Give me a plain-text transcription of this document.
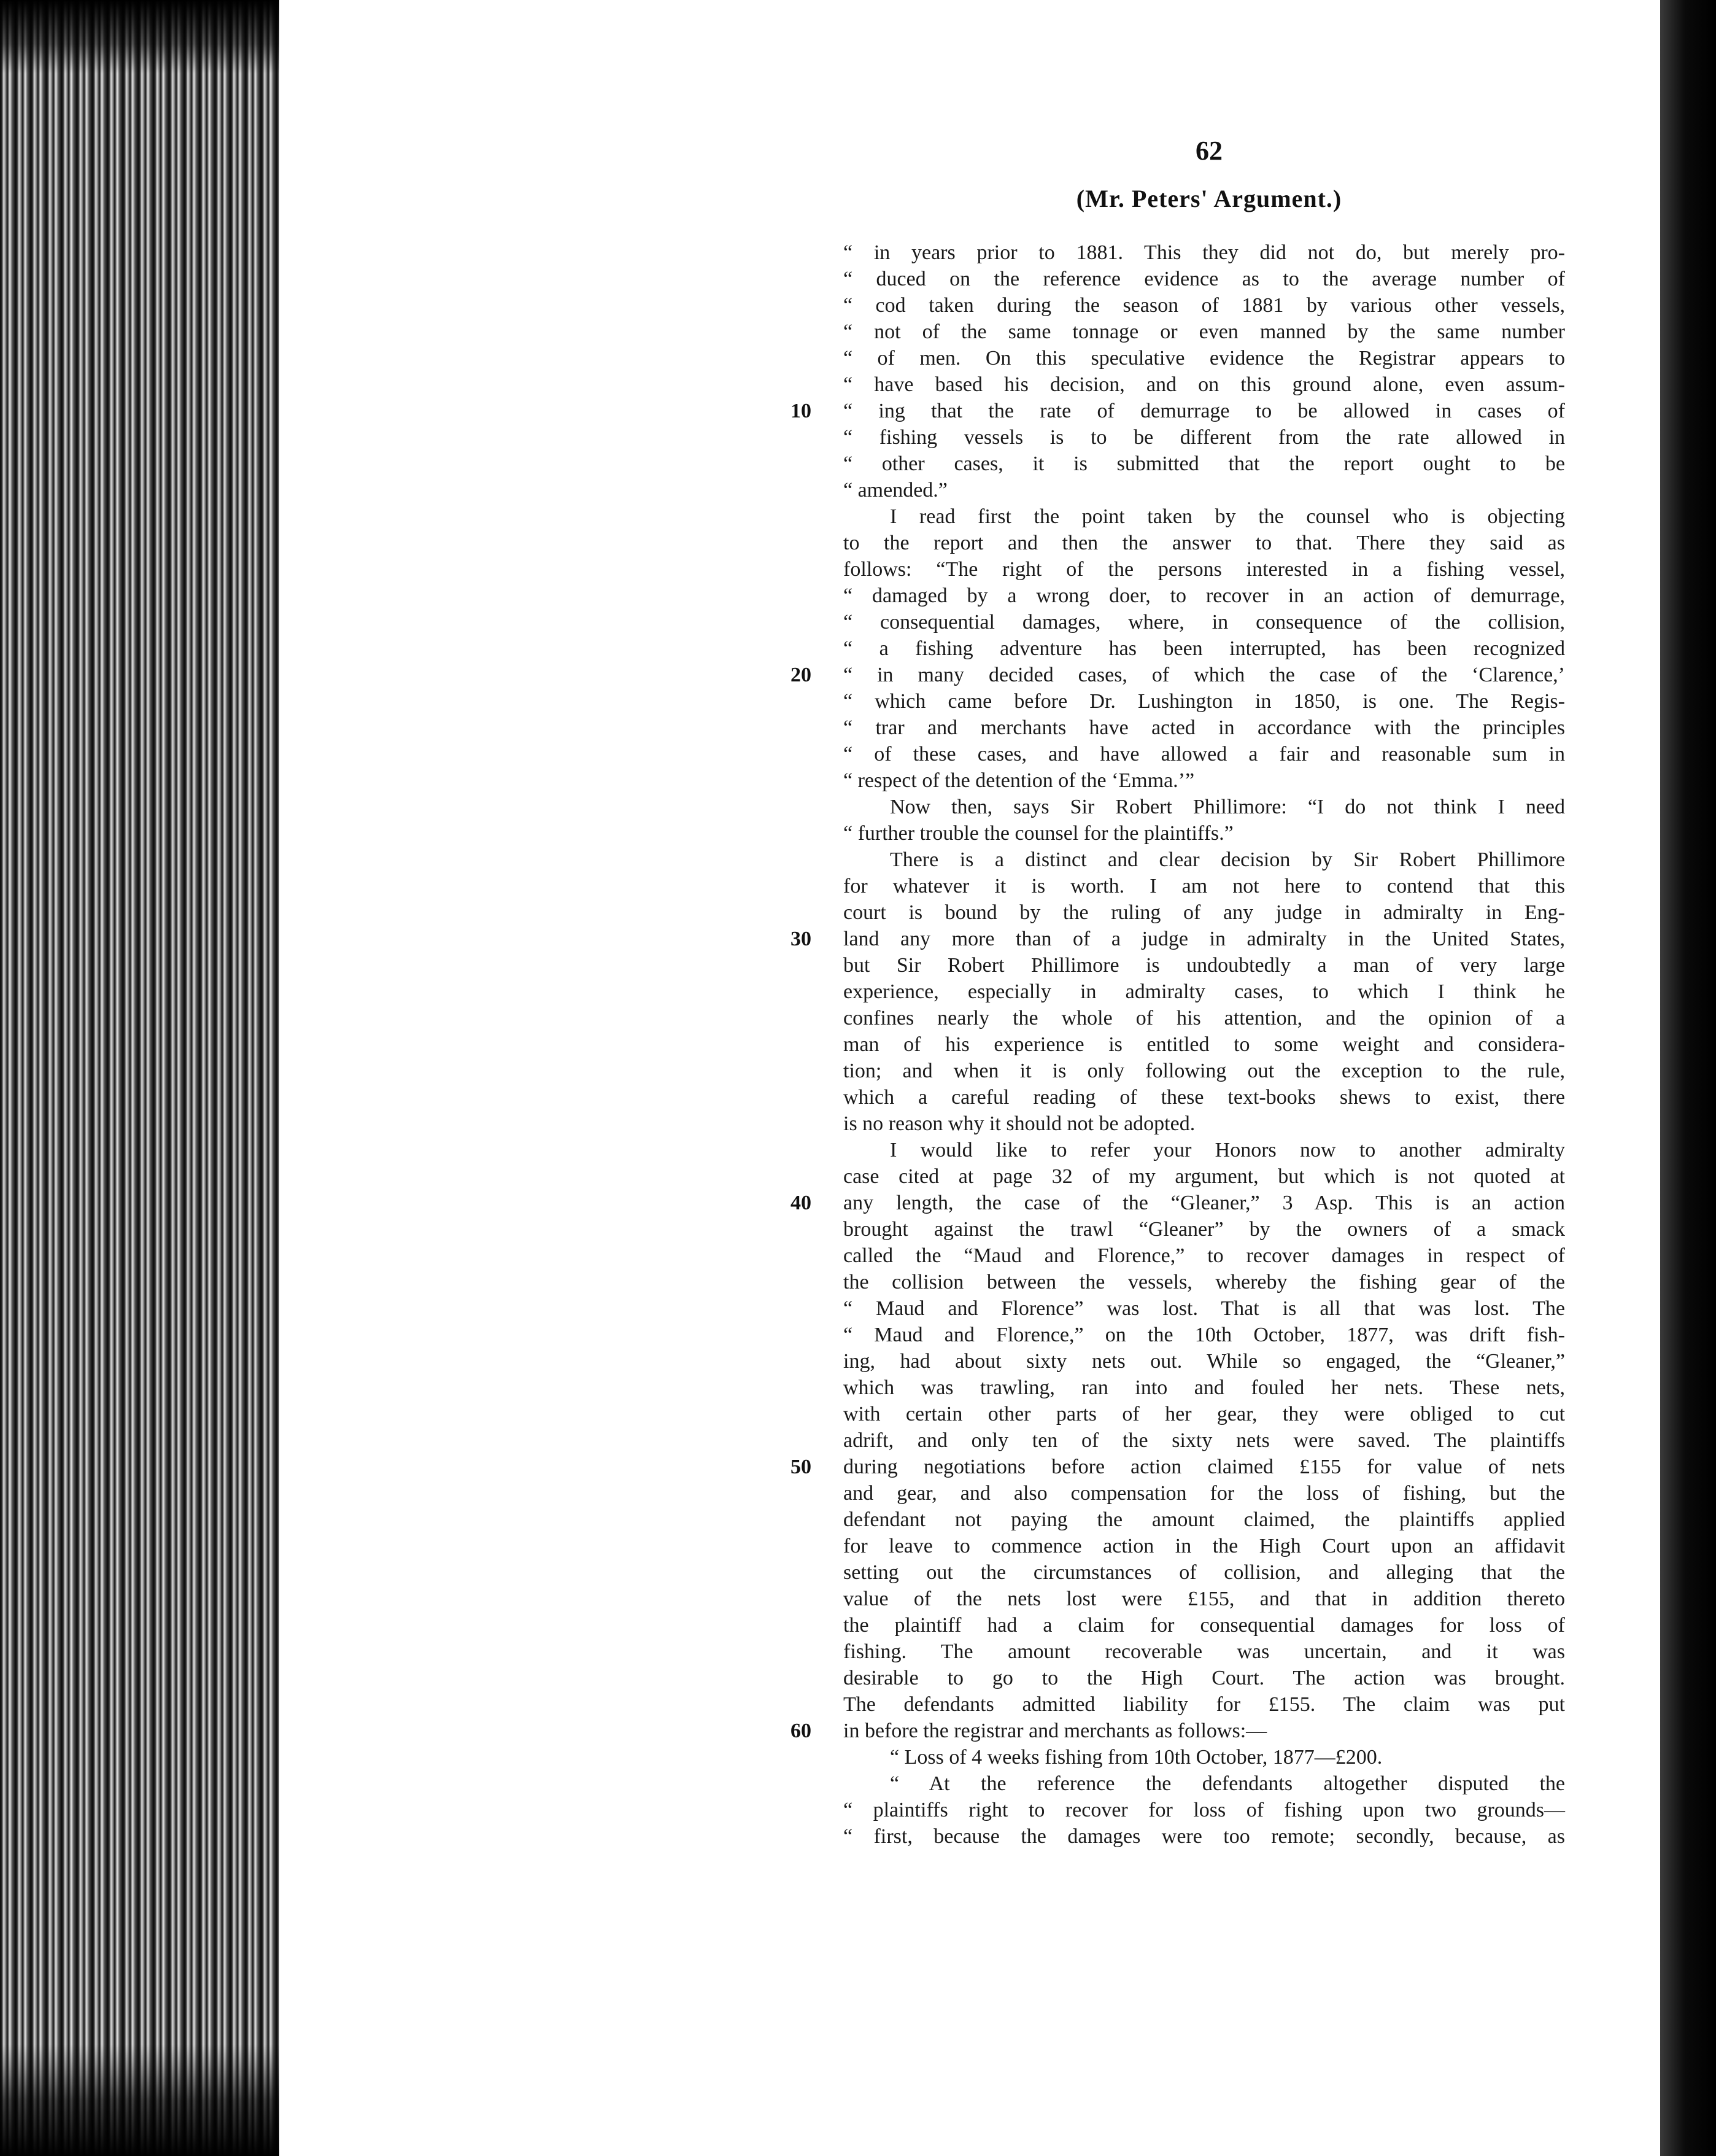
62
(Mr. Peters' Argument.)
“ in years prior to 1881. This they did not do, but merely pro-
“ duced on the reference evidence as to the average number of
“ cod taken during the season of 1881 by various other vessels,
“ not of the same tonnage or even manned by the same number
“ of men. On this speculative evidence the Registrar appears to
“ have based his decision, and on this ground alone, even assum-
10	“ ing that the rate of demurrage to be allowed in cases of
“ fishing vessels is to be different from the rate allowed in
“ other cases, it is submitted that the report ought to be
“ amended.”
I read first the point taken by the counsel who is objecting
to the report and then the answer to that. There they said as
follows: “The right of the persons interested in a fishing vessel,
“ damaged by a wrong doer, to recover in an action of demurrage,
“ consequential damages, where, in consequence of the collision,
“ a fishing adventure has been interrupted, has been recognized
20	“ in many decided cases, of which the case of the ‘Clarence,’
“ which came before Dr. Lushington in 1850, is one. The Regis-
“ trar and merchants have acted in accordance with the principles
“ of these cases, and have allowed a fair and reasonable sum in
“ respect of the detention of the ‘Emma.’”
Now then, says Sir Robert Phillimore: “I do not think I need
“ further trouble the counsel for the plaintiffs.”
There is a distinct and clear decision by Sir Robert Phillimore
for whatever it is worth. I am not here to contend that this
court is bound by the ruling of any judge in admiralty in Eng-
30	land any more than of a judge in admiralty in the United States,
but Sir Robert Phillimore is undoubtedly a man of very large
experience, especially in admiralty cases, to which I think he
confines nearly the whole of his attention, and the opinion of a
man of his experience is entitled to some weight and considera-
tion; and when it is only following out the exception to the rule,
which a careful reading of these text-books shews to exist, there
is no reason why it should not be adopted.
I would like to refer your Honors now to another admiralty
case cited at page 32 of my argument, but which is not quoted at
40	any length, the case of the “Gleaner,” 3 Asp. This is an action
brought against the trawl “Gleaner” by the owners of a smack
called the “Maud and Florence,” to recover damages in respect of
the collision between the vessels, whereby the fishing gear of the
“ Maud and Florence” was lost. That is all that was lost. The
“ Maud and Florence,” on the 10th October, 1877, was drift fish-
ing, had about sixty nets out. While so engaged, the “Gleaner,”
which was trawling, ran into and fouled her nets. These nets,
with certain other parts of her gear, they were obliged to cut
adrift, and only ten of the sixty nets were saved. The plaintiffs
50	during negotiations before action claimed £155 for value of nets
and gear, and also compensation for the loss of fishing, but the
defendant not paying the amount claimed, the plaintiffs applied
for leave to commence action in the High Court upon an affidavit
setting out the circumstances of collision, and alleging that the
value of the nets lost were £155, and that in addition thereto
the plaintiff had a claim for consequential damages for loss of
fishing. The amount recoverable was uncertain, and it was
desirable to go to the High Court. The action was brought.
The defendants admitted liability for £155. The claim was put
60	in before the registrar and merchants as follows:—
“ Loss of 4 weeks fishing from 10th October, 1877—£200.
“ At the reference the defendants altogether disputed the
“ plaintiffs right to recover for loss of fishing upon two grounds—
“ first, because the damages were too remote; secondly, because, as
